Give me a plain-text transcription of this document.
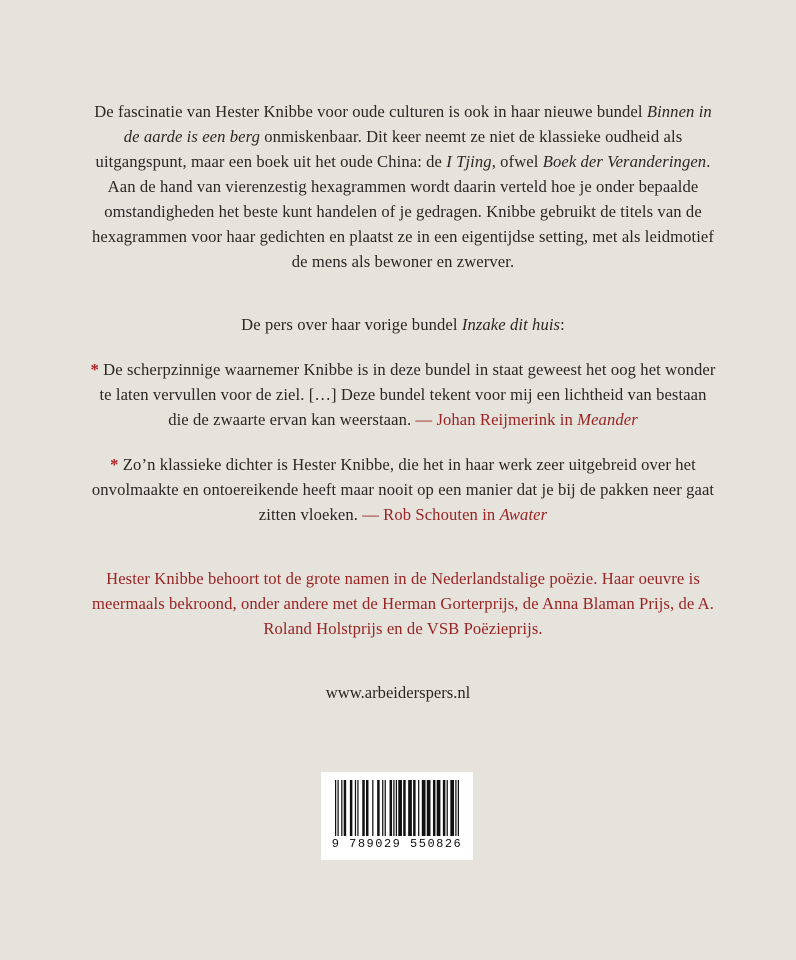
De fascinatie van Hester Knibbe voor oude culturen is ook in haar nieuwe bundel Binnen in de aarde is een berg onmiskenbaar. Dit keer neemt ze niet de klassieke oudheid als uitgangspunt, maar een boek uit het oude China: de I Tjing, ofwel Boek der Veranderingen. Aan de hand van vierenzestig hexagrammen wordt daarin verteld hoe je onder bepaalde omstandigheden het beste kunt handelen of je gedragen. Knibbe gebruikt de titels van de hexagrammen voor haar gedichten en plaatst ze in een eigentijdse setting, met als leidmotief de mens als bewoner en zwerver.

De pers over haar vorige bundel Inzake dit huis:

* De scherpzinnige waarnemer Knibbe is in deze bundel in staat geweest het oog het wonder te laten vervullen voor de ziel. […] Deze bundel tekent voor mij een lichtheid van bestaan die de zwaarte ervan kan weerstaan. — Johan Reijmerink in Meander

* Zo’n klassieke dichter is Hester Knibbe, die het in haar werk zeer uitgebreid over het onvolmaakte en ontoereikende heeft maar nooit op een manier dat je bij de pakken neer gaat zitten vloeken. — Rob Schouten in Awater

Hester Knibbe behoort tot de grote namen in de Nederlandstalige poëzie. Haar oeuvre is meermaals bekroond, onder andere met de Herman Gorterprijs, de Anna Blaman Prijs, de A. Roland Holstprijs en de VSB Poëzieprijs.

www.arbeiderspers.nl
9 789029 550826
